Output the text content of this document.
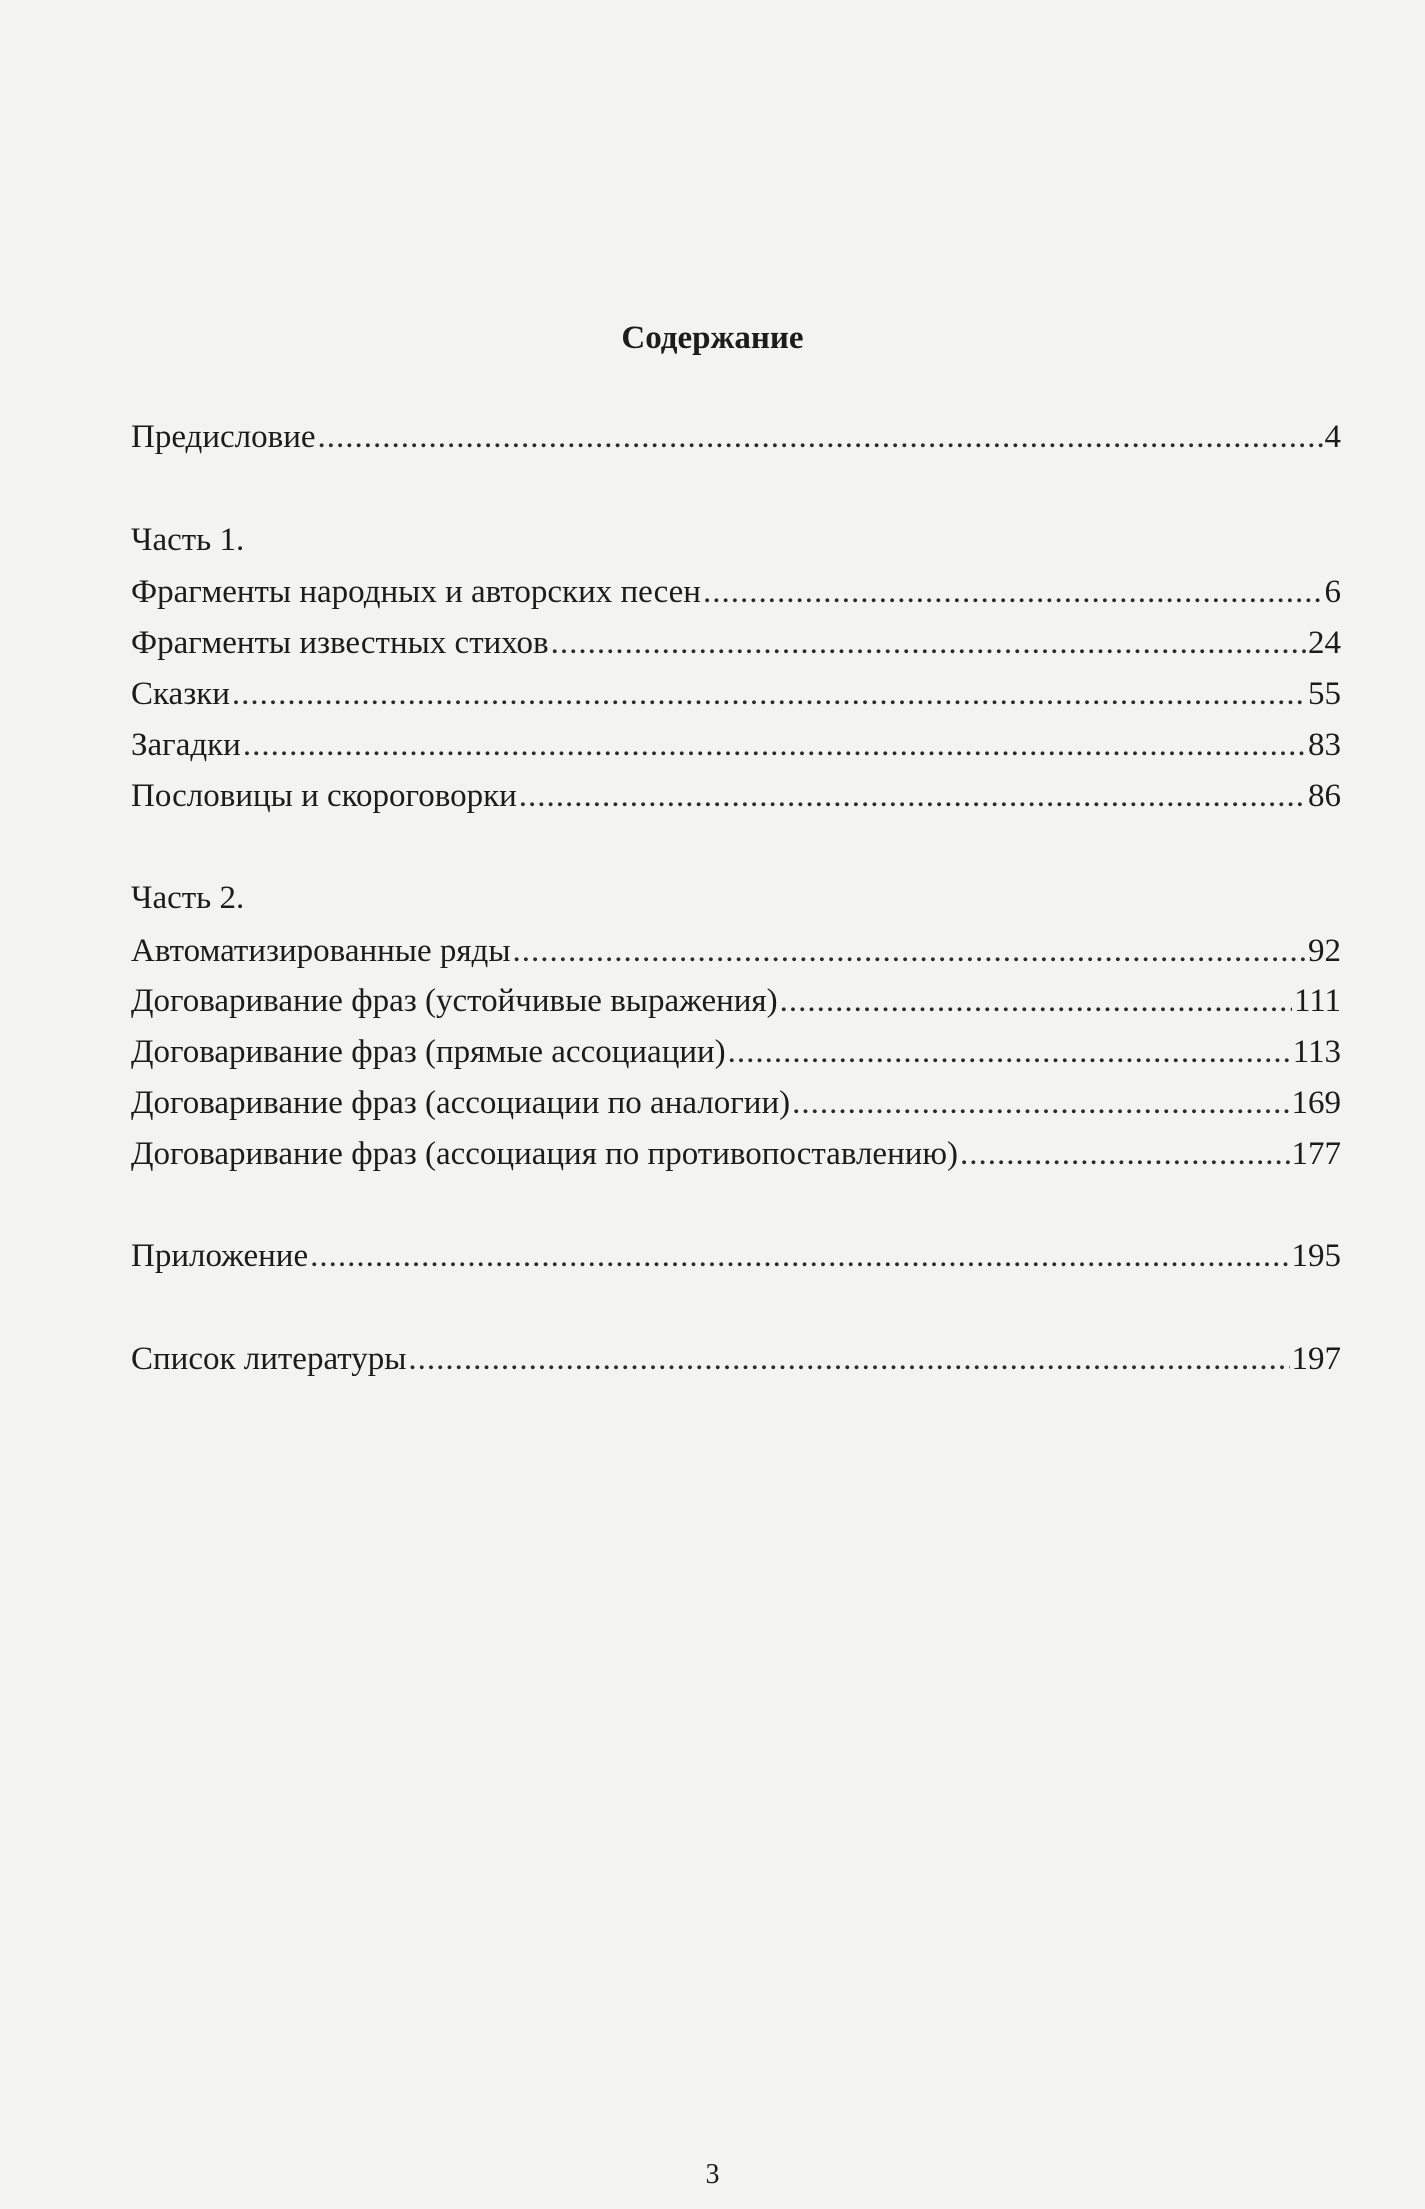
Содержание
Предисловие .....	4
Часть 1.
Фрагменты народных и авторских песен .....	6
Фрагменты известных стихов .....	24
Сказки .....	55
Загадки .....	83
Пословицы и скороговорки .....	86
Часть 2.
Автоматизированные ряды .....	92
Договаривание фраз (устойчивые выражения) .....	111
Договаривание фраз (прямые ассоциации) .....	113
Договаривание фраз (ассоциации по аналогии) .....	169
Договаривание фраз (ассоциация по противопоставлению) .....	177
Приложение .....	195
Список литературы .....	197
3
